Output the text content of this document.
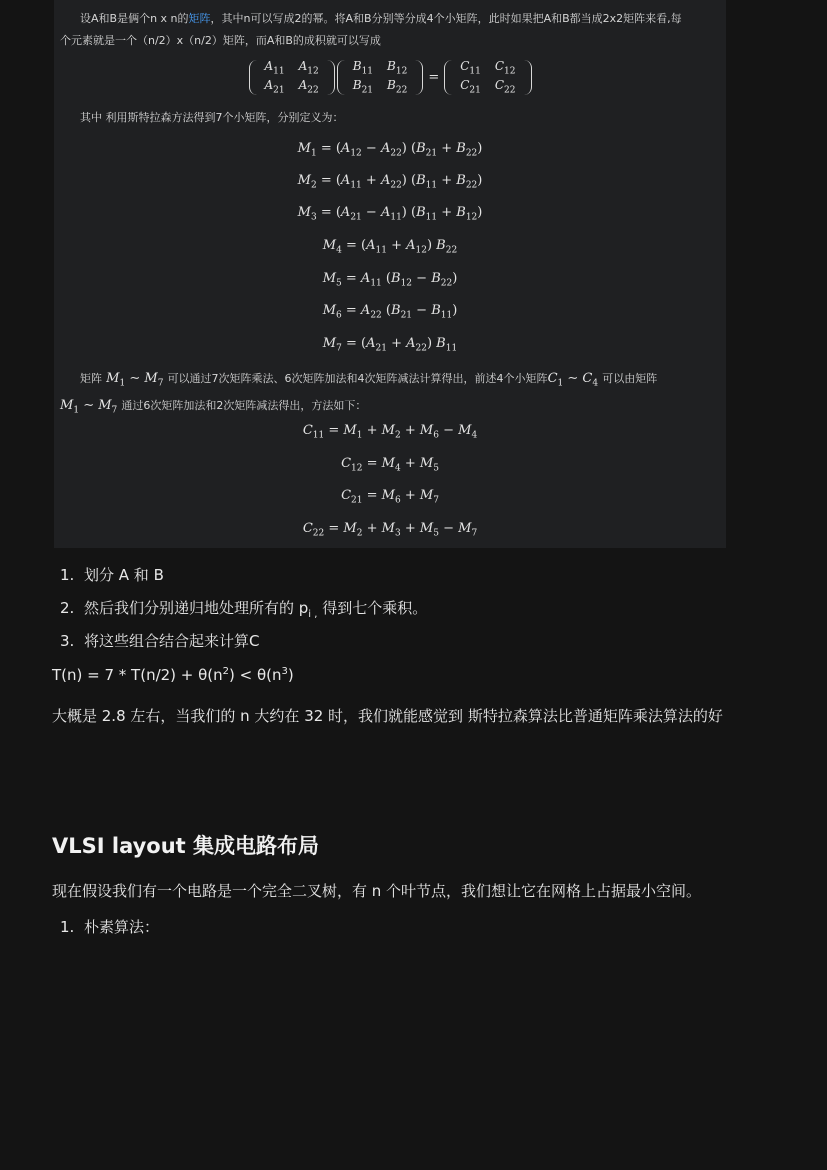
设A和B是俩个n x n的矩阵，其中n可以写成2的幂。将A和B分别等分成4个小矩阵，此时如果把A和B都当成2x2矩阵来看,每
个元素就是一个（n/2）x（n/2）矩阵，而A和B的成积就可以写成
$A_{11}$	$A_{12}$
$A_{21}$	$A_{22}$
$B_{11}$	$B_{12}$
$B_{21}$	$B_{22}$
=
$C_{11}$	$C_{12}$
$C_{21}$	$C_{22}$
其中 利用斯特拉森方法得到7个小矩阵，分别定义为：
$M_1 = (A_{12} - A_{22}) (B_{21} + B_{22})$
$M_2 = (A_{11} + A_{22}) (B_{11} + B_{22})$
$M_3 = (A_{21} - A_{11}) (B_{11} + B_{12})$
$M_4 = (A_{11} + A_{12})$ $B_{22}$
$M_5 = A_{11}$ $(B_{12} - B_{22})$
$M_6 = A_{22}$ $(B_{21} - B_{11})$
$M_7 = (A_{21} + A_{22})$ $B_{11}$
矩阵 $M_1$ ∼ $M_7$ 可以通过7次矩阵乘法、6次矩阵加法和4次矩阵减法计算得出，前述4个小矩阵$C_1$ ∼ $C_4$ 可以由矩阵
$M_1$ ∼ $M_7$ 通过6次矩阵加法和2次矩阵减法得出，方法如下：
$C_{11} = M_1 + M_2 + M_6 - M_4$
$C_{12} = M_4 + M_5$
$C_{21} = M_6 + M_7$
$C_{22} = M_2 + M_3 + M_5 - M_7$
1. 划分 A 和 B
2. 然后我们分别递归地处理所有的 $p_{i ,}$ 得到七个乘积。
3. 将这些组合结合起来计算C
$T(n) = 7 * T(n/2) + \theta(n^2) < \theta(n^3)$
大概是 2.8 左右，当我们的 n 大约在 32 时，我们就能感觉到 斯特拉森算法比普通矩阵乘法算法的好
VLSI layout 集成电路布局
现在假设我们有一个电路是一个完全二叉树，有 n 个叶节点，我们想让它在网格上占据最小空间。
1. 朴素算法：
